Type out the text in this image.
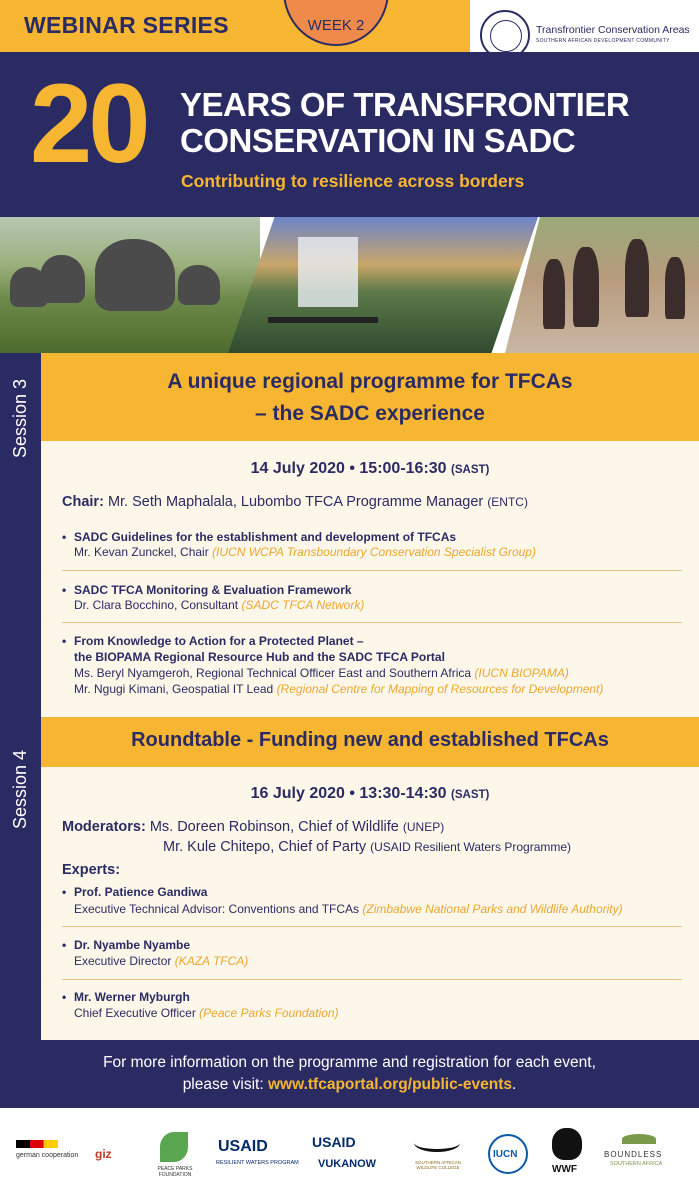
WEBINAR SERIES	WEEK 2	Transfrontier Conservation Areas
SOUTHERN AFRICAN DEVELOPMENT COMMUNITY
20 YEARS OF TRANSFRONTIER
CONSERVATION IN SADC
Contributing to resilience across borders
Session 3	A unique regional programme for TFCAs
– the SADC experience
14 July 2020 • 15:00-16:30 (SAST)
Chair: Mr. Seth Maphalala, Lubombo TFCA Programme Manager (ENTC)
• SADC Guidelines for the establishment and development of TFCAs
Mr. Kevan Zunckel, Chair (IUCN WCPA Transboundary Conservation Specialist Group)
• SADC TFCA Monitoring & Evaluation Framework
Dr. Clara Bocchino, Consultant (SADC TFCA Network)
• From Knowledge to Action for a Protected Planet –
the BIOPAMA Regional Resource Hub and the SADC TFCA Portal
Ms. Beryl Nyamgeroh, Regional Technical Officer East and Southern Africa (IUCN BIOPAMA)
Mr. Ngugi Kimani, Geospatial IT Lead (Regional Centre for Mapping of Resources for Development)
Session 4
Roundtable - Funding new and established TFCAs
16 July 2020 • 13:30-14:30 (SAST)
Moderators: Ms. Doreen Robinson, Chief of Wildlife (UNEP)
Mr. Kule Chitepo, Chief of Party (USAID Resilient Waters Programme)
Experts:
• Prof. Patience Gandiwa
Executive Technical Advisor: Conventions and TFCAs (Zimbabwe National Parks and Wildlife Authority)
• Dr. Nyambe Nyambe
Executive Director (KAZA TFCA)
• Mr. Werner Myburgh
Chief Executive Officer (Peace Parks Foundation)
For more information on the programme and registration for each event,
please visit: www.tfcaportal.org/public-events.
german cooperation giz
PEACE PARKS FOUNDATION
USAID
RESILIENT WATERS PROGRAM
USAID
VUKANOW	SOUTHERN AFRICAN WILDLIFE COLLEGE
IUCN
WWF
BOUNDLESS
SOUTHERN AFRICA
